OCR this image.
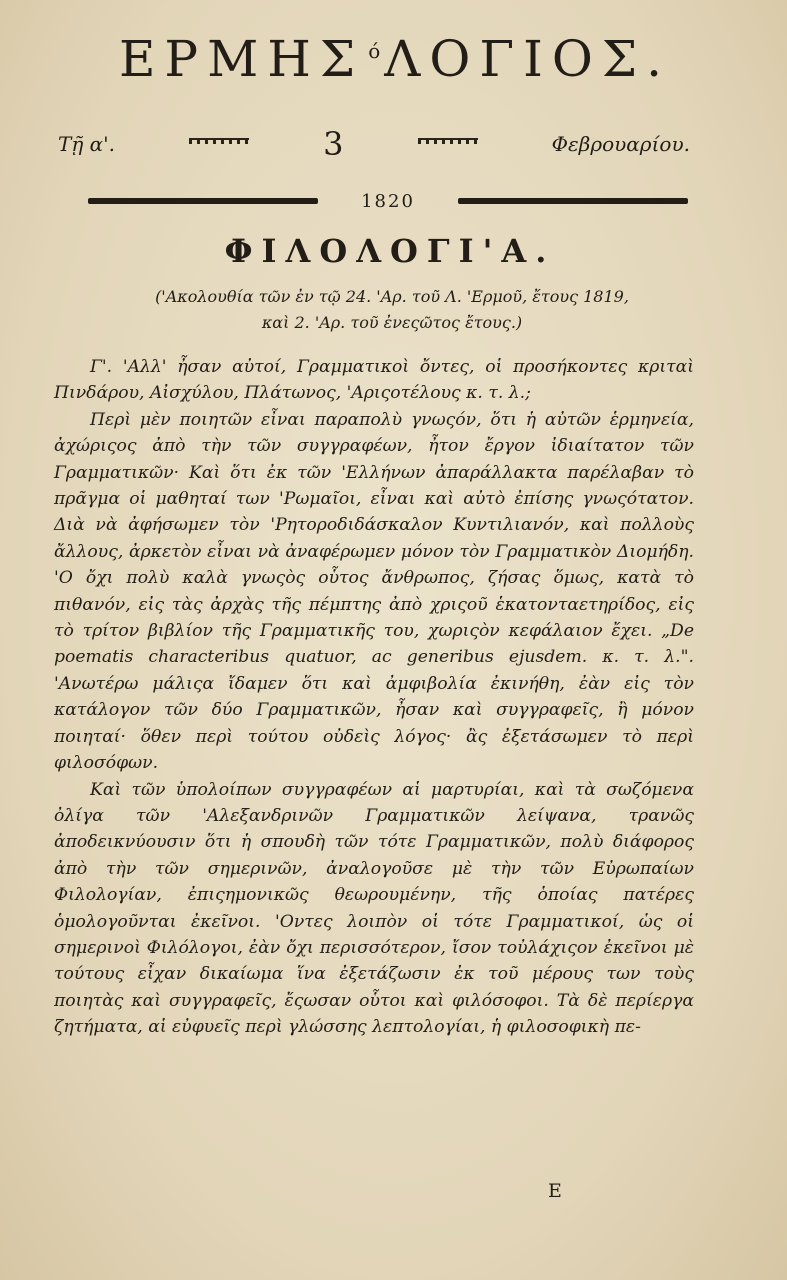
ΕΡΜΗΣ $^ό$ΛΟΓΙΟΣ.
Τῇ α'.	3	Φεβρουαρίου.
1820
ΦΙΛΟΛΟΓΙ'Α.
('Ακολουθία τῶν ἐν τῷ 24. 'Αρ. τοῦ Λ. 'Ερμοῦ, ἔτους 1819,
καὶ 2. 'Αρ. τοῦ ἐνεςῶτος ἔτους.)

Γ'. 'Αλλ' ἦσαν αὐτοί, Γραμματικοὶ ὄντες, οἱ προσήκοντες κριταὶ Πινδάρου, Αἰσχύλου, Πλάτωνος, 'Αριςοτέλους κ. τ. λ.;

Περὶ μὲν ποιητῶν εἶναι παραπολὺ γνωςόν, ὅτι ἡ αὐτῶν ἑρμηνεία, ἀχώριςος ἀπὸ τὴν τῶν συγγραφέων, ἦτον ἔργον ἰδιαίτατον τῶν Γραμματικῶν· Καὶ ὅτι ἐκ τῶν 'Ελλήνων ἀπαράλλακτα παρέλαβαν τὸ πρᾶγμα οἱ μαθηταί των 'Ρωμαῖοι, εἶναι καὶ αὐτὸ ἐπίσης γνωςότατον. Διὰ νὰ ἀφήσωμεν τὸν 'Ρητοροδιδάσκαλον Κυντιλιανόν, καὶ πολλοὺς ἄλλους, ἀρκετὸν εἶναι νὰ ἀναφέρωμεν μόνον τὸν Γραμματικὸν Διομήδη. 'Ο ὄχι πολὺ καλὰ γνωςὸς οὗτος ἄνθρωπος, ζήσας ὅμως, κατὰ τὸ πιθανόν, εἰς τὰς ἀρχὰς τῆς πέμπτης ἀπὸ χριςοῦ ἑκατονταετηρίδος, εἰς τὸ τρίτον βιβλίον τῆς Γραμματικῆς του, χωριςὸν κεφάλαιον ἔχει. „De poematis characteribus quatuor, ac generibus ejusdem. κ. τ. λ.". 'Ανωτέρω μάλιςα ἴδαμεν ὅτι καὶ ἀμφιβολία ἐκινήθη, ἐὰν εἰς τὸν κατάλογον τῶν δύο Γραμματικῶν, ἦσαν καὶ συγγραφεῖς, ἢ μόνον ποιηταί· ὅθεν περὶ τούτου οὐδεὶς λόγος· ἂς ἐξετάσωμεν τὸ περὶ φιλοσόφων.

Καὶ τῶν ὑπολοίπων συγγραφέων αἱ μαρτυρίαι, καὶ τὰ σωζόμενα ὀλίγα τῶν 'Αλεξανδρινῶν Γραμματικῶν λείψανα, τρανῶς ἀποδεικνύουσιν ὅτι ἡ σπουδὴ τῶν τότε Γραμματικῶν, πολὺ διάφορος ἀπὸ τὴν τῶν σημερινῶν, ἀναλογοῦσε μὲ τὴν τῶν Εὐρωπαίων Φιλολογίαν, ἐπιςημονικῶς θεωρουμένην, τῆς ὁποίας πατέρες ὁμολογοῦνται ἐκεῖνοι. 'Οντες λοιπὸν οἱ τότε Γραμματικοί, ὡς οἱ σημερινοὶ Φιλόλογοι, ἐὰν ὄχι περισσότερον, ἴσον τοὐλάχιςον ἐκεῖνοι μὲ τούτους εἶχαν δικαίωμα ἵνα ἐξετάζωσιν ἐκ τοῦ μέρους των τοὺς ποιητὰς καὶ συγγραφεῖς, ἔςωσαν οὗτοι καὶ φιλόσοφοι. Τὰ δὲ περίεργα ζητήματα, αἱ εὐφυεῖς περὶ γλώσσης λεπτολογίαι, ἡ φιλοσοφικὴ πε-

Ε
